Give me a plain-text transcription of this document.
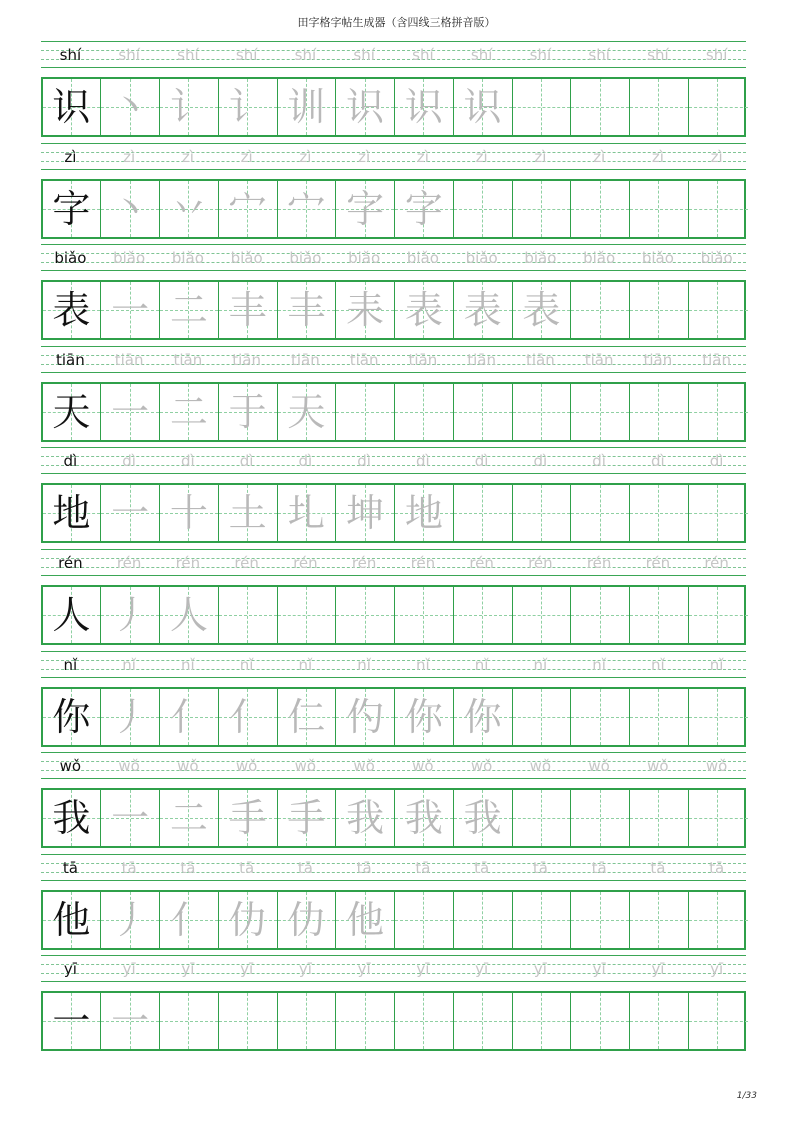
田字格字帖生成器（含四线三格拼音版）
shí	shí	shí	shí	shí	shí	shí	shí	shí	shí	shí	shí
识 丶 讠 讠 训 识 识 识
zì	zì	zì	zì	zì	zì	zì	zì	zì	zì	zì	zì
字 丶 丷 宀 宀 字 字
biǎo	biǎo	biǎo	biǎo	biǎo	biǎo	biǎo	biǎo	biǎo	biǎo	biǎo	biǎo
表 一 二 丰 丰 耒 表 表 表
tiān	tiān	tiān	tiān	tiān	tiān	tiān	tiān	tiān	tiān	tiān	tiān
天 一 二 于 天
dì	dì	dì	dì	dì	dì	dì	dì	dì	dì	dì	dì
地 一 十 土 圠 坤 地
rén	rén	rén	rén	rén	rén	rén	rén	rén	rén	rén	rén
人 丿 人
nǐ	nǐ	nǐ	nǐ	nǐ	nǐ	nǐ	nǐ	nǐ	nǐ	nǐ	nǐ
你 丿 亻 亻 仁 仢 你 你
wǒ	wǒ	wǒ	wǒ	wǒ	wǒ	wǒ	wǒ	wǒ	wǒ	wǒ	wǒ
我 一 二 手 手 我 我 我
tā	tā	tā	tā	tā	tā	tā	tā	tā	tā	tā	tā
他 丿 亻 仂 仂 他
yī	yī	yī	yī	yī	yī	yī	yī	yī	yī	yī	yī
一 一
1/33
